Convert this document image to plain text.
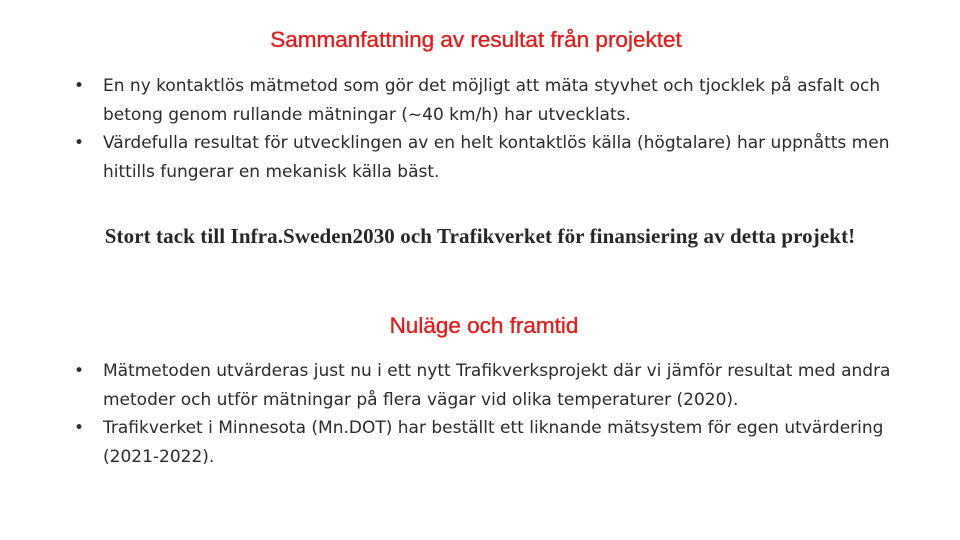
Sammanfattning av resultat från projektet
• En ny kontaktlös mätmetod som gör det möjligt att mäta styvhet och tjocklek på asfalt och betong genom rullande mätningar (~40 km/h) har utvecklats.
• Värdefulla resultat för utvecklingen av en helt kontaktlös källa (högtalare) har uppnåtts men hittills fungerar en mekanisk källa bäst.

Stort tack till Infra.Sweden2030 och Trafikverket för finansiering av detta projekt!

Nuläge och framtid
• Mätmetoden utvärderas just nu i ett nytt Trafikverksprojekt där vi jämför resultat med andra metoder och utför mätningar på flera vägar vid olika temperaturer (2020).
• Trafikverket i Minnesota (Mn.DOT) har beställt ett liknande mätsystem för egen utvärdering (2021-2022).
